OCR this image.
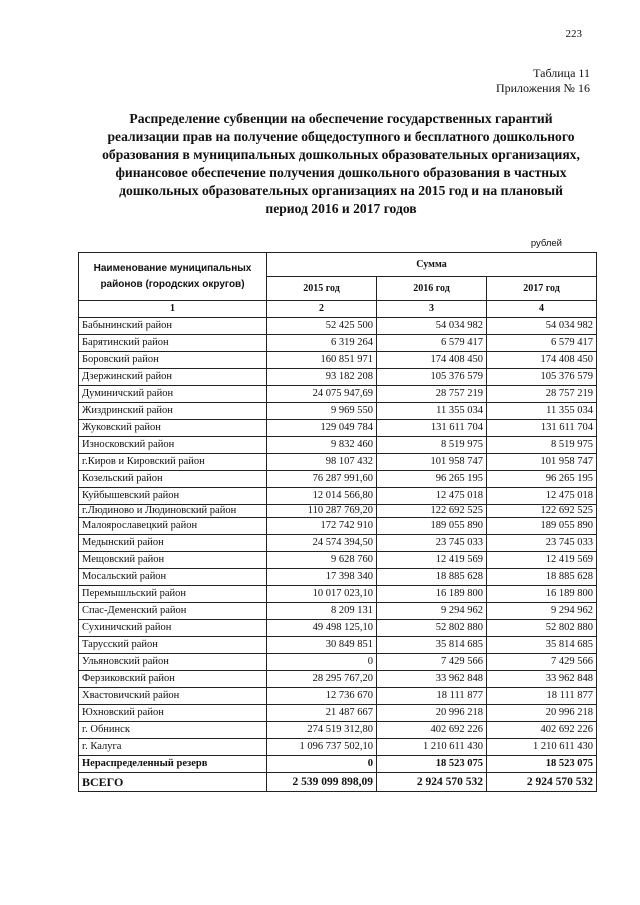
223
Таблица 11
Приложения № 16
Распределение субвенции на обеспечение государственных гарантий реализации прав на получение общедоступного и бесплатного дошкольного образования в муниципальных дошкольных образовательных организациях, финансовое обеспечение получения дошкольного образования в частных дошкольных образовательных организациях на 2015 год и на плановый период 2016 и 2017 годов
рублей
Наименование муниципальных районов (городских округов)	Сумма		
	2015 год	2016 год	2017 год
1	2	3	4
Бабынинский район	52 425 500	54 034 982	54 034 982
Барятинский район	6 319 264	6 579 417	6 579 417
Боровский район	160 851 971	174 408 450	174 408 450
Дзержинский район	93 182 208	105 376 579	105 376 579
Думиничский район	24 075 947,69	28 757 219	28 757 219
Жиздринский район	9 969 550	11 355 034	11 355 034
Жуковский район	129 049 784	131 611 704	131 611 704
Износковский район	9 832 460	8 519 975	8 519 975
г.Киров и Кировский район	98 107 432	101 958 747	101 958 747
Козельский район	76 287 991,60	96 265 195	96 265 195
Куйбышевский район	12 014 566,80	12 475 018	12 475 018
г.Людиново и Людиновский район	110 287 769,20	122 692 525	122 692 525
Малоярославецкий район	172 742 910	189 055 890	189 055 890
Медынский район	24 574 394,50	23 745 033	23 745 033
Мещовский район	9 628 760	12 419 569	12 419 569
Мосальский район	17 398 340	18 885 628	18 885 628
Перемышльский район	10 017 023,10	16 189 800	16 189 800
Спас-Деменский район	8 209 131	9 294 962	9 294 962
Сухиничский район	49 498 125,10	52 802 880	52 802 880
Тарусский район	30 849 851	35 814 685	35 814 685
Ульяновский район	0	7 429 566	7 429 566
Ферзиковский район	28 295 767,20	33 962 848	33 962 848
Хвастовичский район	12 736 670	18 111 877	18 111 877
Юхновский район	21 487 667	20 996 218	20 996 218
г. Обнинск	274 519 312,80	402 692 226	402 692 226
г. Калуга	1 096 737 502,10	1 210 611 430	1 210 611 430
Нераспределенный резерв	0	18 523 075	18 523 075
ВСЕГО	2 539 099 898,09	2 924 570 532	2 924 570 532
